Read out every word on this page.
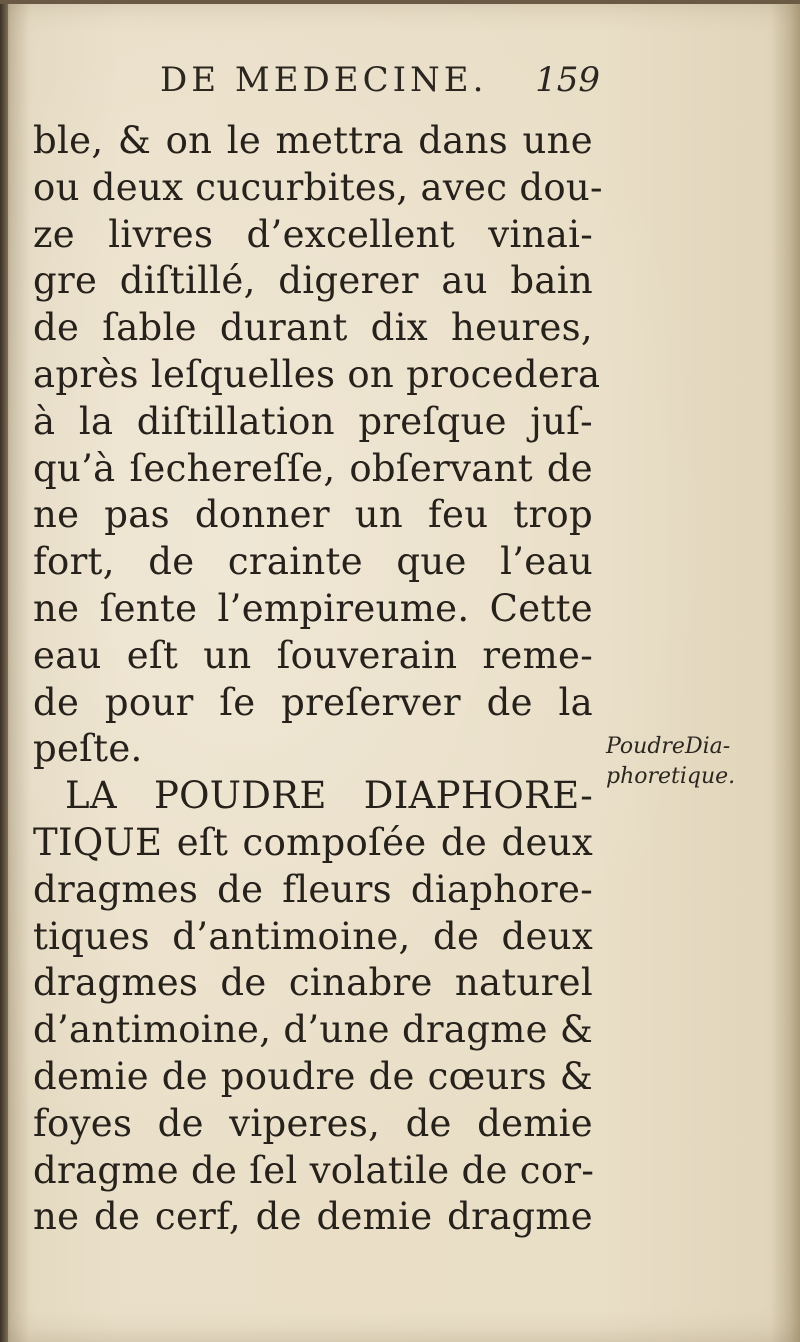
DE MEDECINE. 159
ble, & on le mettra dans une
ou deux cucurbites, avec dou-
ze livres d’excellent vinai-
gre diſtillé, digerer au bain
de ſable durant dix heures,
après leſquelles on procedera
à la diſtillation preſque juſ-
qu’à ſechereſſe, obſervant de
ne pas donner un feu trop
fort, de crainte que l’eau
ne ſente l’empireume. Cette
eau eſt un ſouverain reme-
de pour ſe preſerver de la
peſte.
LA POUDRE DIAPHORE-
TIQUE eſt compoſée de deux
dragmes de fleurs diaphore-
tiques d’antimoine, de deux
dragmes de cinabre naturel
d’antimoine, d’une dragme &
demie de poudre de cœurs &
foyes de viperes, de demie
dragme de ſel volatile de cor-
ne de cerf, de demie dragme
PoudreDia-
phoretique.
